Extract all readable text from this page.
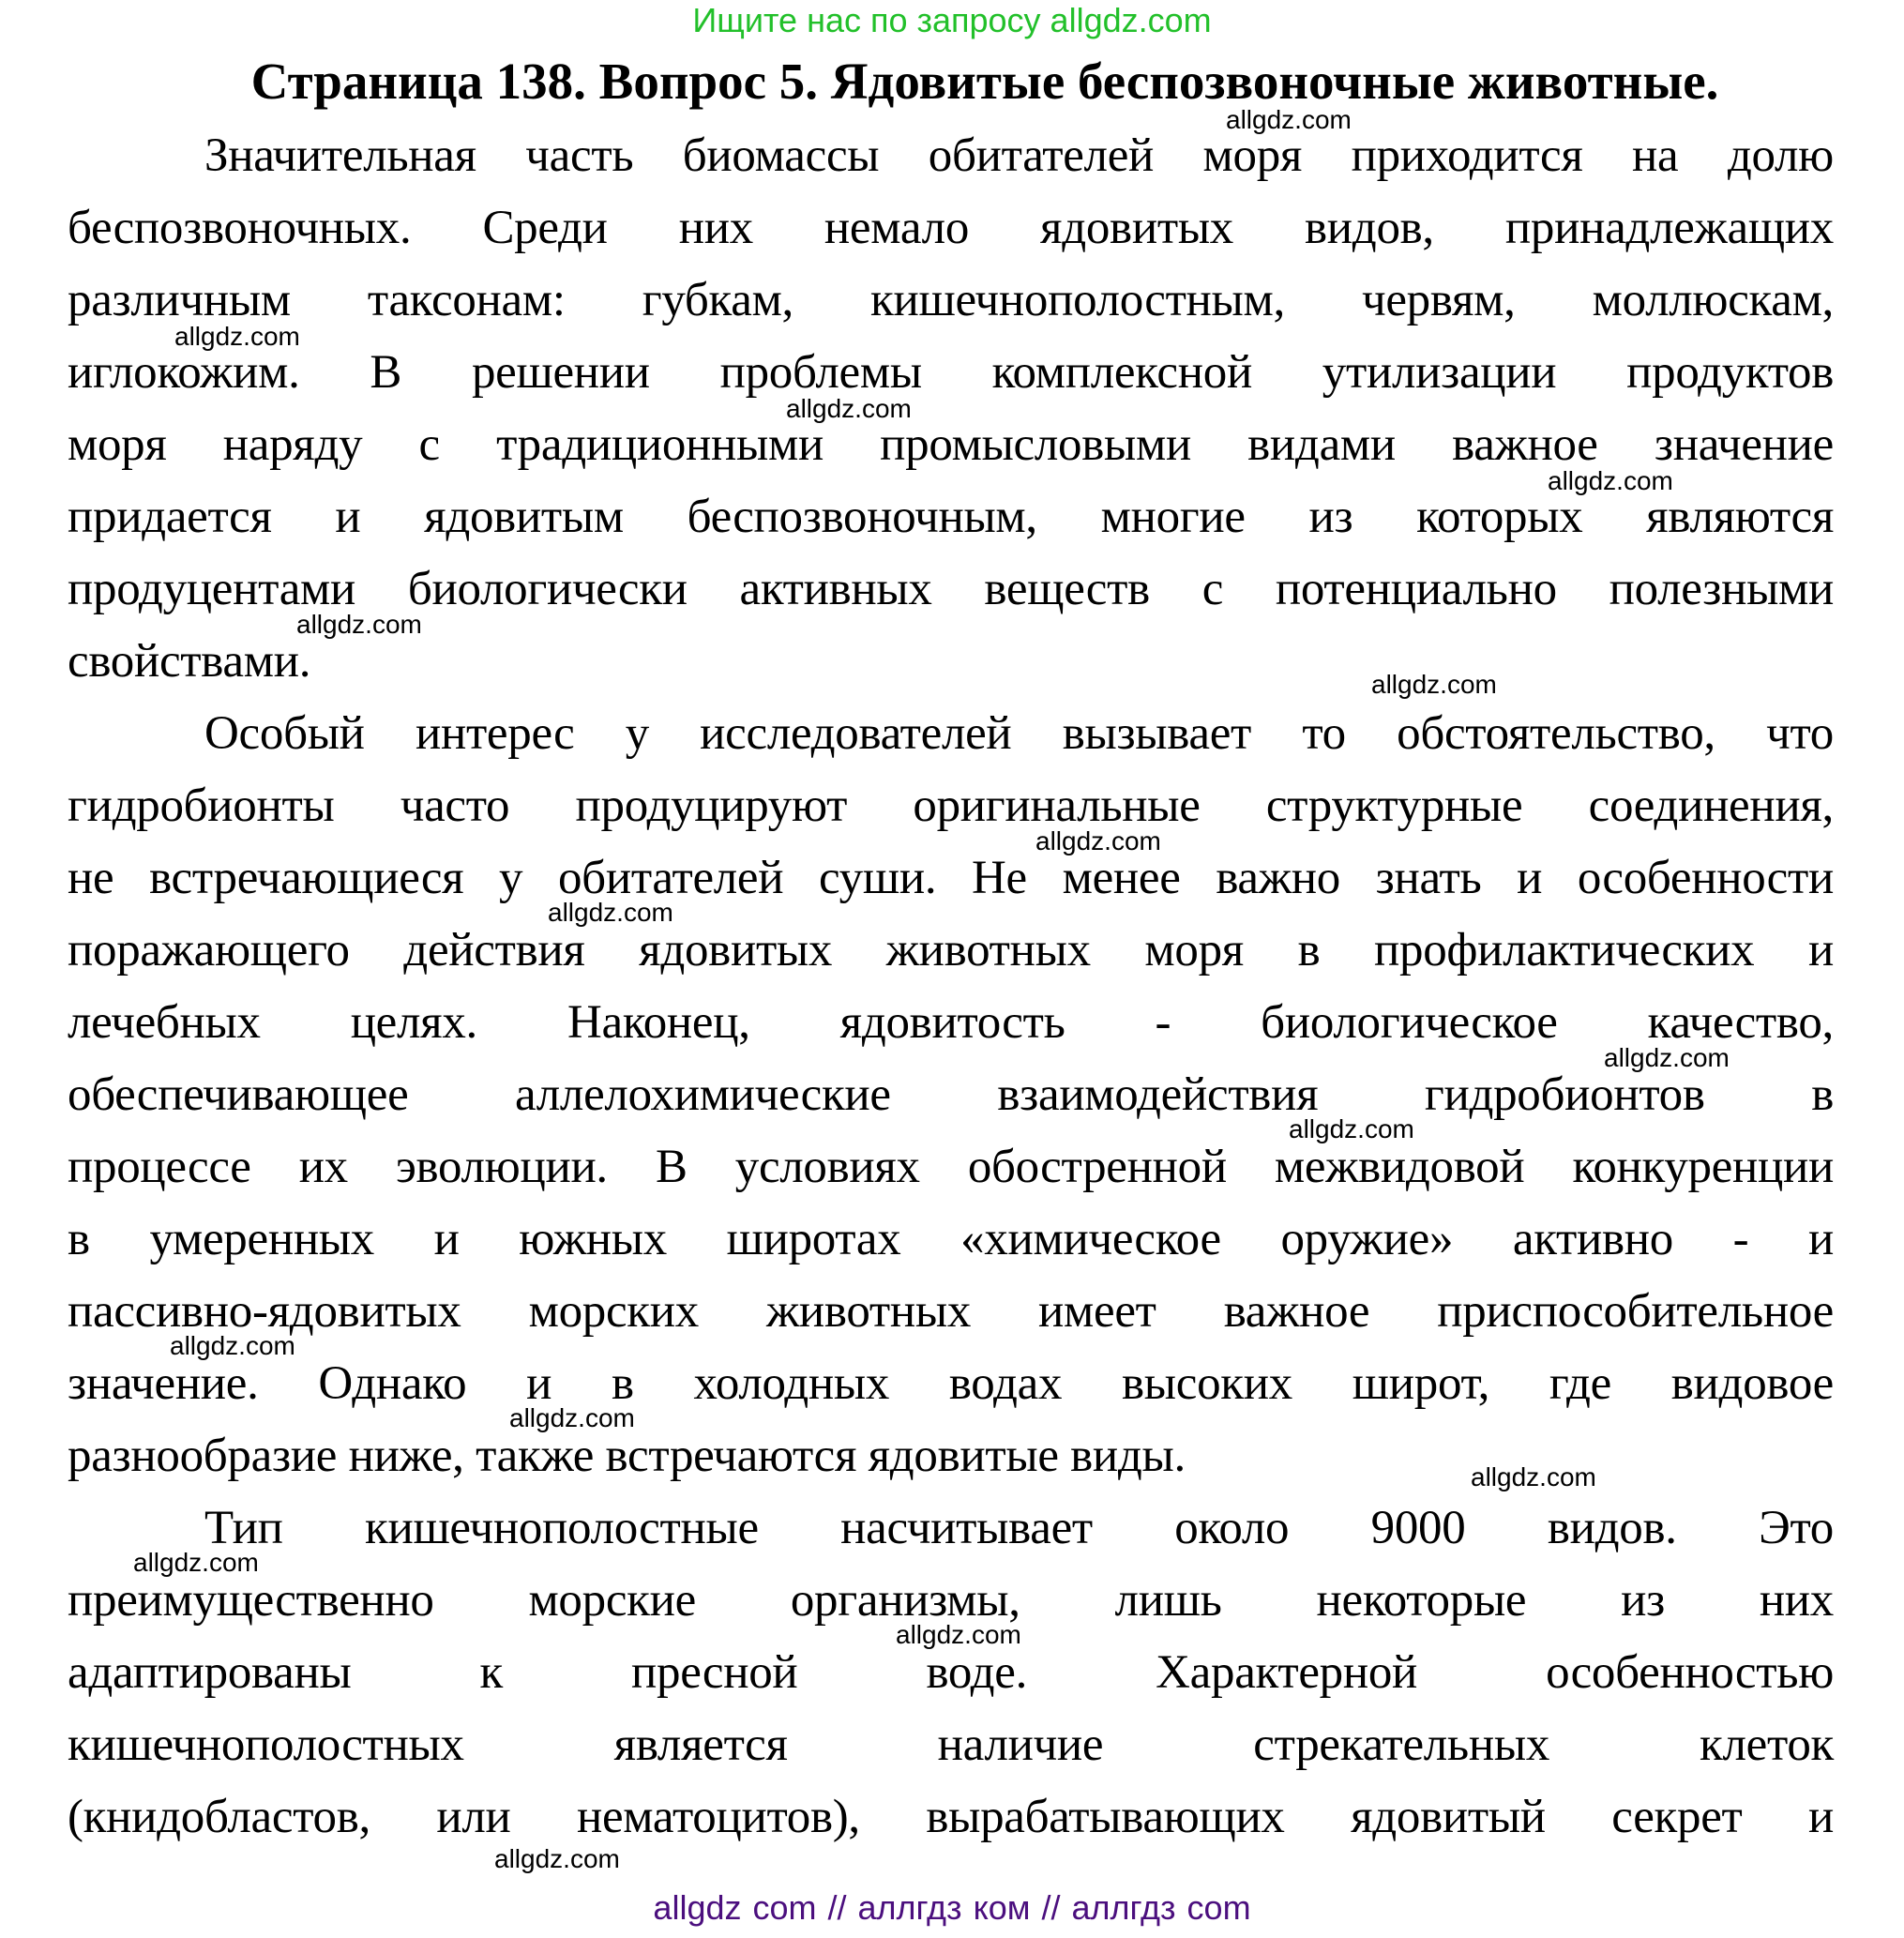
Ищите нас по запросу allgdz.com
Страница 138. Вопрос 5. Ядовитые беспозвоночные животные.
Значительная часть биомассы обитателей моря приходится на долю
беспозвоночных. Среди них немало ядовитых видов, принадлежащих
различным таксонам: губкам, кишечнополостным, червям, моллюскам,
иглокожим. В решении проблемы комплексной утилизации продуктов
моря наряду с традиционными промысловыми видами важное значение
придается и ядовитым беспозвоночным, многие из которых являются
продуцентами биологически активных веществ с потенциально полезными
свойствами.
Особый интерес у исследователей вызывает то обстоятельство, что
гидробионты часто продуцируют оригинальные структурные соединения,
не встречающиеся у обитателей суши. Не менее важно знать и особенности
поражающего действия ядовитых животных моря в профилактических и
лечебных целях. Наконец, ядовитость - биологическое качество,
обеспечивающее аллелохимические взаимодействия гидробионтов в
процессе их эволюции. В условиях обостренной межвидовой конкуренции
в умеренных и южных широтах «химическое оружие» активно - и
пассивно-ядовитых морских животных имеет важное приспособительное
значение. Однако и в холодных водах высоких широт, где видовое
разнообразие ниже, также встречаются ядовитые виды.
Тип кишечнополостные насчитывает около 9000 видов. Это
преимущественно морские организмы, лишь некоторые из них
адаптированы к пресной воде. Характерной особенностью
кишечнополостных является наличие стрекательных клеток
(книдобластов, или нематоцитов), вырабатывающих ядовитый секрет и
allgdz.com
allgdz.com
allgdz.com
allgdz.com
allgdz.com
allgdz.com
allgdz.com
allgdz.com
allgdz.com
allgdz.com
allgdz.com
allgdz.com
allgdz.com
allgdz.com
allgdz.com
allgdz.com
allgdz com // аллгдз ком // аллгдз com
